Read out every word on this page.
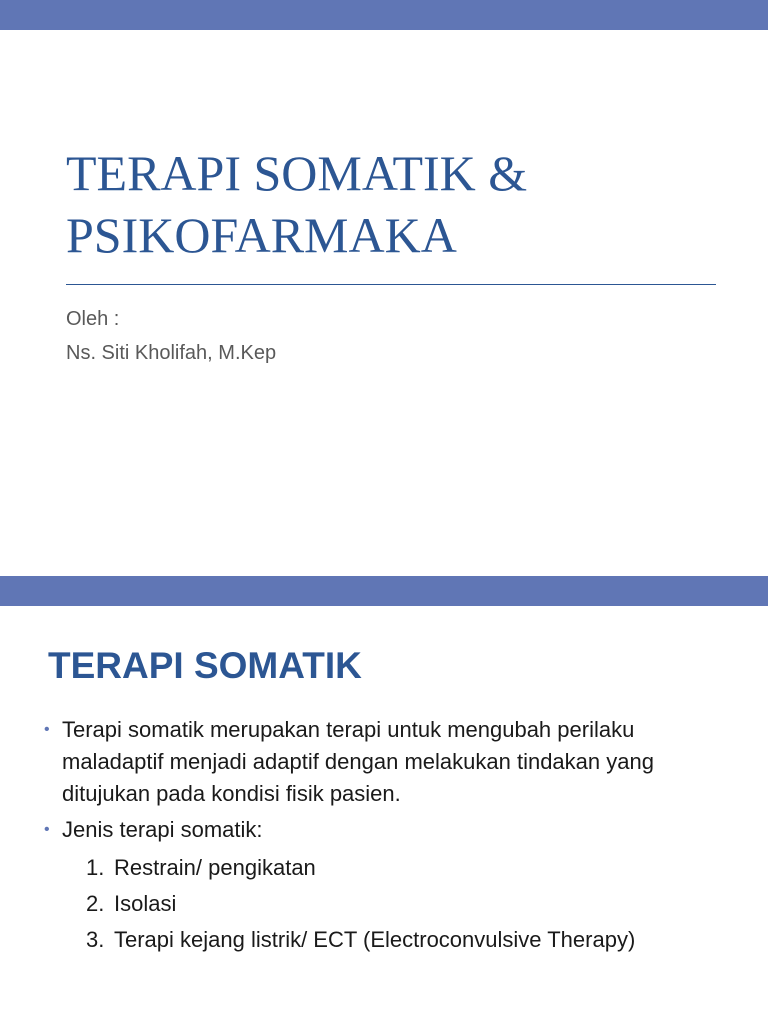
TERAPI SOMATIK &
PSIKOFARMAKA
Oleh :
Ns. Siti Kholifah, M.Kep
TERAPI SOMATIK
• Terapi somatik merupakan terapi untuk mengubah perilaku maladaptif menjadi adaptif dengan melakukan tindakan yang ditujukan pada kondisi fisik pasien.
• Jenis terapi somatik:
1. Restrain/ pengikatan
2. Isolasi
3. Terapi kejang listrik/ ECT (Electroconvulsive Therapy)
